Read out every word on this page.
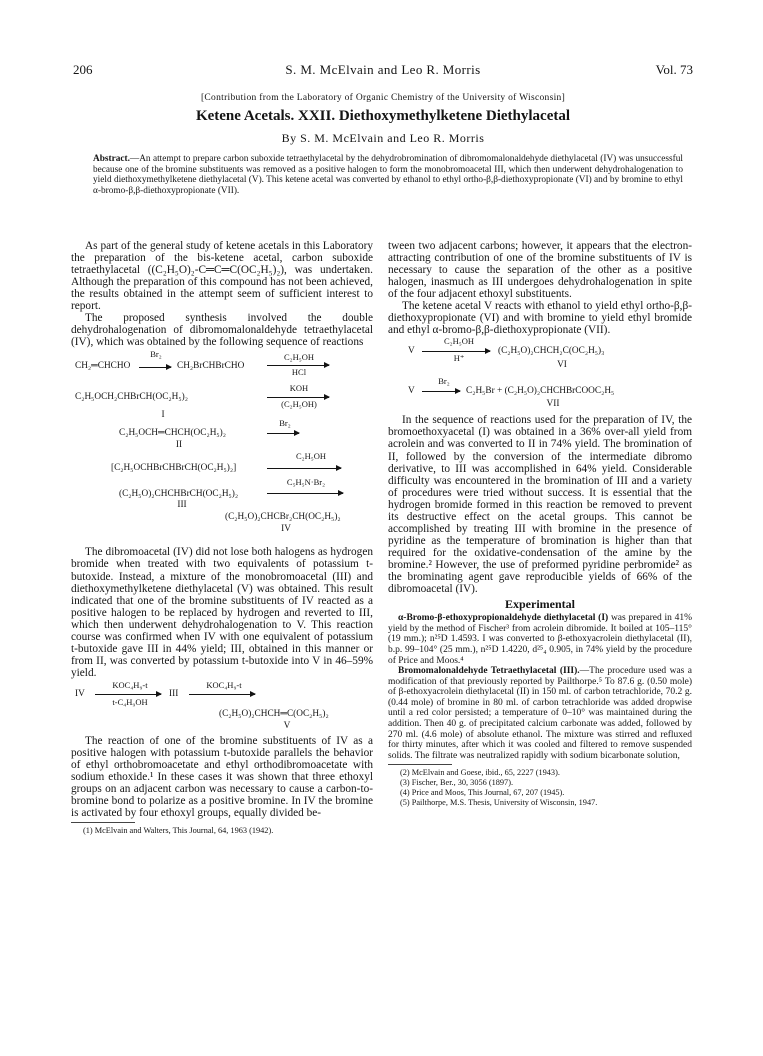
206	S. M. McElvain and Leo R. Morris	Vol. 73
[Contribution from the Laboratory of Organic Chemistry of the University of Wisconsin]
Ketene Acetals. XXII. Diethoxymethylketene Diethylacetal
By S. M. McElvain and Leo R. Morris
Abstract.—An attempt to prepare carbon suboxide tetraethylacetal by the dehydrobromination of dibromomalonaldehyde diethylacetal (IV) was unsuccessful because one of the bromine substituents was removed as a positive halogen to form the monobromoacetal III, which then underwent dehydrohalogenation to yield diethoxymethylketene diethylacetal (V). This ketene acetal was converted by ethanol to ethyl ortho-β,β-diethoxypropionate (VI) and by bromine to ethyl α-bromo-β,β-diethoxypropionate (VII).

As part of the general study of ketene acetals in this Laboratory the preparation of the bis-ketene acetal, carbon suboxide tetraethylacetal ((C₂H₅O)₂-C═C═C(OC₂H₅)₂), was undertaken. Although the preparation of this compound has not been achieved, the results obtained in the attempt seem of sufficient interest to report.

The proposed synthesis involved the double dehydrohalogenation of dibromomalonaldehyde tetraethylacetal (IV), which was obtained by the following sequence of reactions

CH₂═CHCHO
Br₂
CH₂BrCHBrCHO
C₂H₅OH
HCl
KOH
C₂H₅OCH₂CHBrCH(OC₂H₅)₂
(C₂H₅OH)
I
C₂H₅OCH═CHCH(OC₂H₅)₂
Br₂
II
C₂H₅OH
[C₂H₅OCHBrCHBrCH(OC₂H₅)₂]
C₅H₅N·Br₂
(C₂H₅O)₂CHCHBrCH(OC₂H₅)₂
III
(C₂H₅O)₂CHCBr₂CH(OC₂H₅)₂
IV

The dibromoacetal (IV) did not lose both halogens as hydrogen bromide when treated with two equivalents of potassium t-butoxide. Instead, a mixture of the monobromoacetal (III) and diethoxymethylketene diethylacetal (V) was obtained. This result indicated that one of the bromine substituents of IV reacted as a positive halogen to be replaced by hydrogen and reverted to III, which then underwent dehydrohalogenation to V. This reaction course was confirmed when IV with one equivalent of potassium t-butoxide gave III in 44% yield; III, obtained in this manner or from II, was converted by potassium t-butoxide into V in 46–59% yield.

KOC₄H₉-t
IV
t-C₄H₉OH
III
KOC₄H₉-t
(C₂H₅O)₂CHCH═C(OC₂H₅)₂
V

The reaction of one of the bromine substituents of IV as a positive halogen with potassium t-butoxide parallels the behavior of ethyl orthobromoacetate and ethyl orthodibromoacetate with sodium ethoxide.¹ In these cases it was shown that three ethoxyl groups on an adjacent carbon was necessary to cause a carbon-to-bromine bond to polarize as a positive bromine. In IV the bromine is activated by four ethoxyl groups, equally divided be-

(1) McElvain and Walters, This Journal, 64, 1963 (1942).

tween two adjacent carbons; however, it appears that the electron-attracting contribution of one of the bromine substituents of IV is necessary to cause the separation of the other as a positive halogen, inasmuch as III undergoes dehydrohalogenation in spite of the four adjacent ethoxyl substituents.

The ketene acetal V reacts with ethanol to yield ethyl ortho-β,β-diethoxypropionate (VI) and with bromine to yield ethyl bromide and ethyl α-bromo-β,β-diethoxypropionate (VII).

C₂H₅OH
V
H⁺
(C₂H₅O)₂CHCH₂C(OC₂H₅)₃
VI
Br₂
V	C₂H₅Br + (C₂H₅O)₂CHCHBrCOOC₂H₅
VII

In the sequence of reactions used for the preparation of IV, the bromoethoxyacetal (I) was obtained in a 36% over-all yield from acrolein and was converted to II in 74% yield. The bromination of II, followed by the conversion of the intermediate dibromo derivative, to III was accomplished in 64% yield. Considerable difficulty was encountered in the bromination of III and a variety of procedures were tried without success. It is essential that the hydrogen bromide formed in this reaction be removed to prevent its destructive effect on the acetal groups. This cannot be accomplished by treating III with bromine in the presence of pyridine as the temperature of bromination is higher than that required for the oxidative-condensation of the amine by the bromine.² However, the use of preformed pyridine perbromide² as the brominating agent gave reproducible yields of 66% of the dibromoacetal (IV).

Experimental

α-Bromo-β-ethoxypropionaldehyde diethylacetal (I) was prepared in 41% yield by the method of Fischer³ from acrolein dibromide. It boiled at 105–115° (19 mm.); n²⁵D 1.4593. I was converted to β-ethoxyacrolein diethylacetal (II), b.p. 99–104° (25 mm.), n²⁵D 1.4220, d²⁵₄ 0.905, in 74% yield by the procedure of Price and Moos.⁴

Bromomalonaldehyde Tetraethylacetal (III).—The procedure used was a modification of that previously reported by Pailthorpe.⁵ To 87.6 g. (0.50 mole) of β-ethoxyacrolein diethylacetal (II) in 150 ml. of carbon tetrachloride, 70.2 g. (0.44 mole) of bromine in 80 ml. of carbon tetrachloride was added dropwise until a red color persisted; a temperature of 0–10° was maintained during the addition. Then 40 g. of precipitated calcium carbonate was added, followed by 270 ml. (4.6 mole) of absolute ethanol. The mixture was stirred and refluxed for thirty minutes, after which it was cooled and filtered to remove suspended solids. The filtrate was neutralized rapidly with sodium bicarbonate solution,

(2) McElvain and Goese, ibid., 65, 2227 (1943).
(3) Fischer, Ber., 30, 3056 (1897).
(4) Price and Moos, This Journal, 67, 207 (1945).
(5) Pailthorpe, M.S. Thesis, University of Wisconsin, 1947.
